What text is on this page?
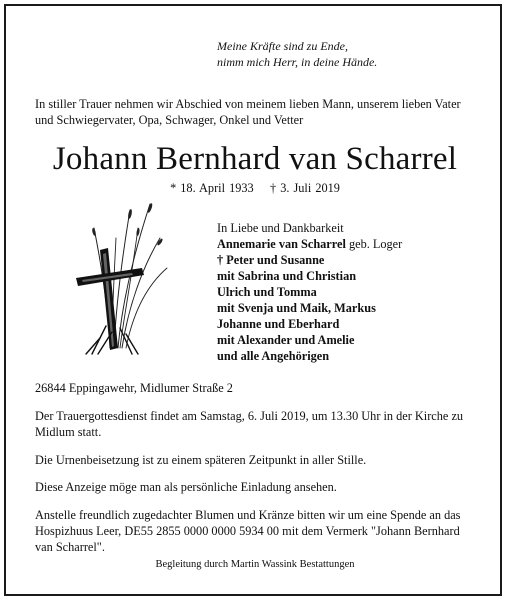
Meine Kräfte sind zu Ende,
nimm mich Herr, in deine Hände.
In stiller Trauer nehmen wir Abschied von meinem lieben Mann, unserem lieben Vater und Schwiegervater, Opa, Schwager, Onkel und Vetter
Johann Bernhard van Scharrel
* 18. April 1933    † 3. Juli 2019
In Liebe und Dankbarkeit
Annemarie van Scharrel geb. Loger
† Peter und Susanne
mit Sabrina und Christian
Ulrich und Tomma
mit Svenja und Maik, Markus
Johanne und Eberhard
mit Alexander und Amelie
und alle Angehörigen
26844 Eppingawehr, Midlumer Straße 2
Der Trauergottesdienst findet am Samstag, 6. Juli 2019, um 13.30 Uhr in der Kirche zu Midlum statt.
Die Urnenbeisetzung ist zu einem späteren Zeitpunkt in aller Stille.
Diese Anzeige möge man als persönliche Einladung ansehen.
Anstelle freundlich zugedachter Blumen und Kränze bitten wir um eine Spende an das Hospizhuus Leer, DE55 2855 0000 0000 5934 00 mit dem Vermerk "Johann Bernhard van Scharrel".
Begleitung durch Martin Wassink Bestattungen
